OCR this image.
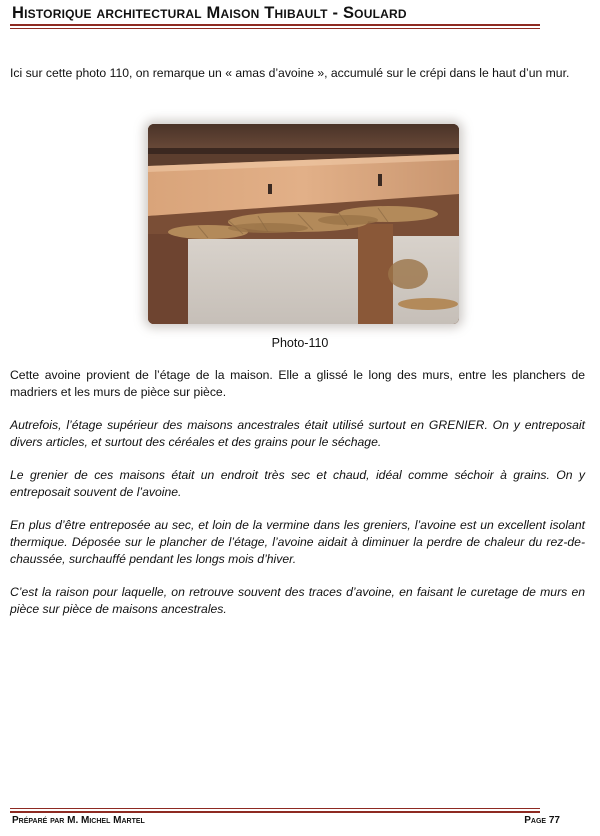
Historique architectural Maison Thibault - Soulard

Ici sur cette photo 110, on remarque un « amas d’avoine », accumulé sur le crépi dans le haut d’un mur.

Photo-110

Cette avoine provient de l’étage de la maison. Elle a glissé le long des murs, entre les planchers de madriers et les murs de pièce sur pièce.

Autrefois, l’étage supérieur des maisons ancestrales était utilisé surtout en GRENIER. On y entreposait divers articles, et surtout des céréales et des grains pour le séchage.

Le grenier de ces maisons était un endroit très sec et chaud, idéal comme séchoir à grains. On y entreposait souvent de l’avoine.

En plus d’être entreposée au sec, et loin de la vermine dans les greniers, l’avoine est un excellent isolant thermique. Déposée sur le plancher de l’étage, l’avoine aidait à diminuer la perdre de chaleur du rez-de-chaussée, surchauffé pendant les longs mois d’hiver.

C’est la raison pour laquelle, on retrouve souvent des traces d’avoine, en faisant le curetage de murs en pièce sur pièce de maisons ancestrales.

Préparé par M. Michel Martel	Page 77
